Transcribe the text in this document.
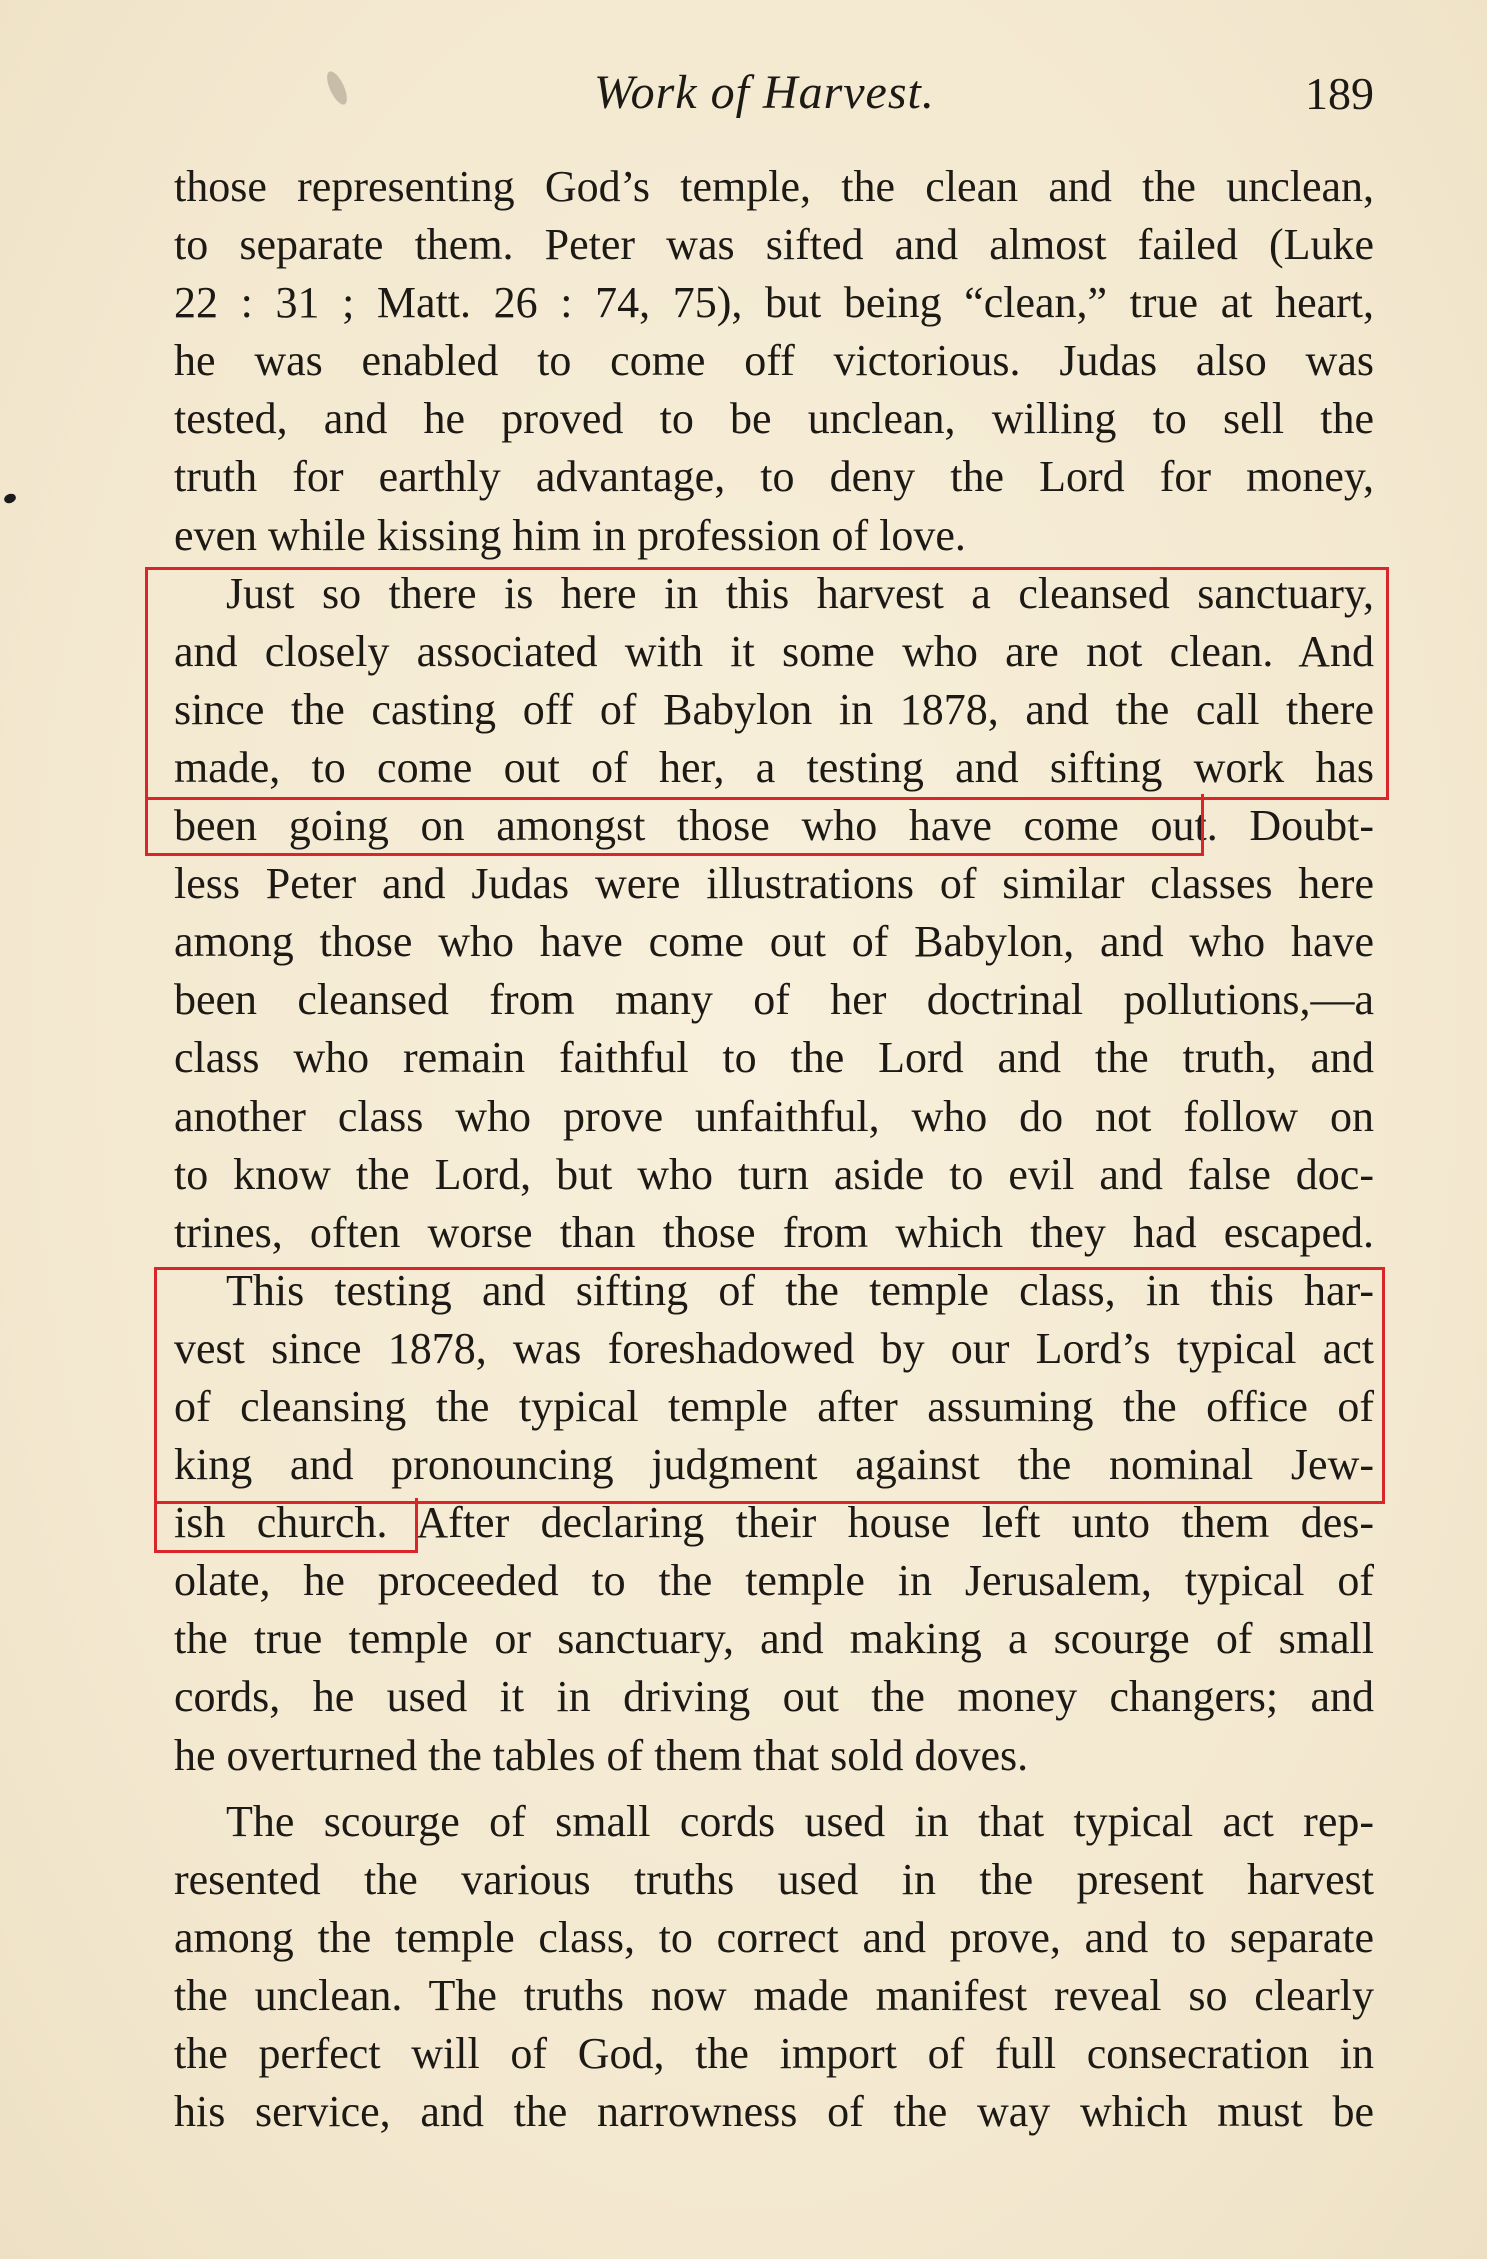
Work of Harvest.	189
those representing God’s temple, the clean and the unclean,
to separate them. Peter was sifted and almost failed (Luke
22 : 31 ; Matt. 26 : 74, 75), but being “clean,” true at heart,
he was enabled to come off victorious. Judas also was
tested, and he proved to be unclean, willing to sell the
truth for earthly advantage, to deny the Lord for money,
even while kissing him in profession of love.
Just so there is here in this harvest a cleansed sanctuary,
and closely associated with it some who are not clean. And
since the casting off of Babylon in 1878, and the call there
made, to come out of her, a testing and sifting work has
been going on amongst those who have come out. Doubt-
less Peter and Judas were illustrations of similar classes here
among those who have come out of Babylon, and who have
been cleansed from many of her doctrinal pollutions,—a
class who remain faithful to the Lord and the truth, and
another class who prove unfaithful, who do not follow on
to know the Lord, but who turn aside to evil and false doc-
trines, often worse than those from which they had escaped.
This testing and sifting of the temple class, in this har-
vest since 1878, was foreshadowed by our Lord’s typical act
of cleansing the typical temple after assuming the office of
king and pronouncing judgment against the nominal Jew-
ish church. After declaring their house left unto them des-
olate, he proceeded to the temple in Jerusalem, typical of
the true temple or sanctuary, and making a scourge of small
cords, he used it in driving out the money changers; and
he overturned the tables of them that sold doves.
The scourge of small cords used in that typical act rep-
resented the various truths used in the present harvest
among the temple class, to correct and prove, and to separate
the unclean. The truths now made manifest reveal so clearly
the perfect will of God, the import of full consecration in
his service, and the narrowness of the way which must be
